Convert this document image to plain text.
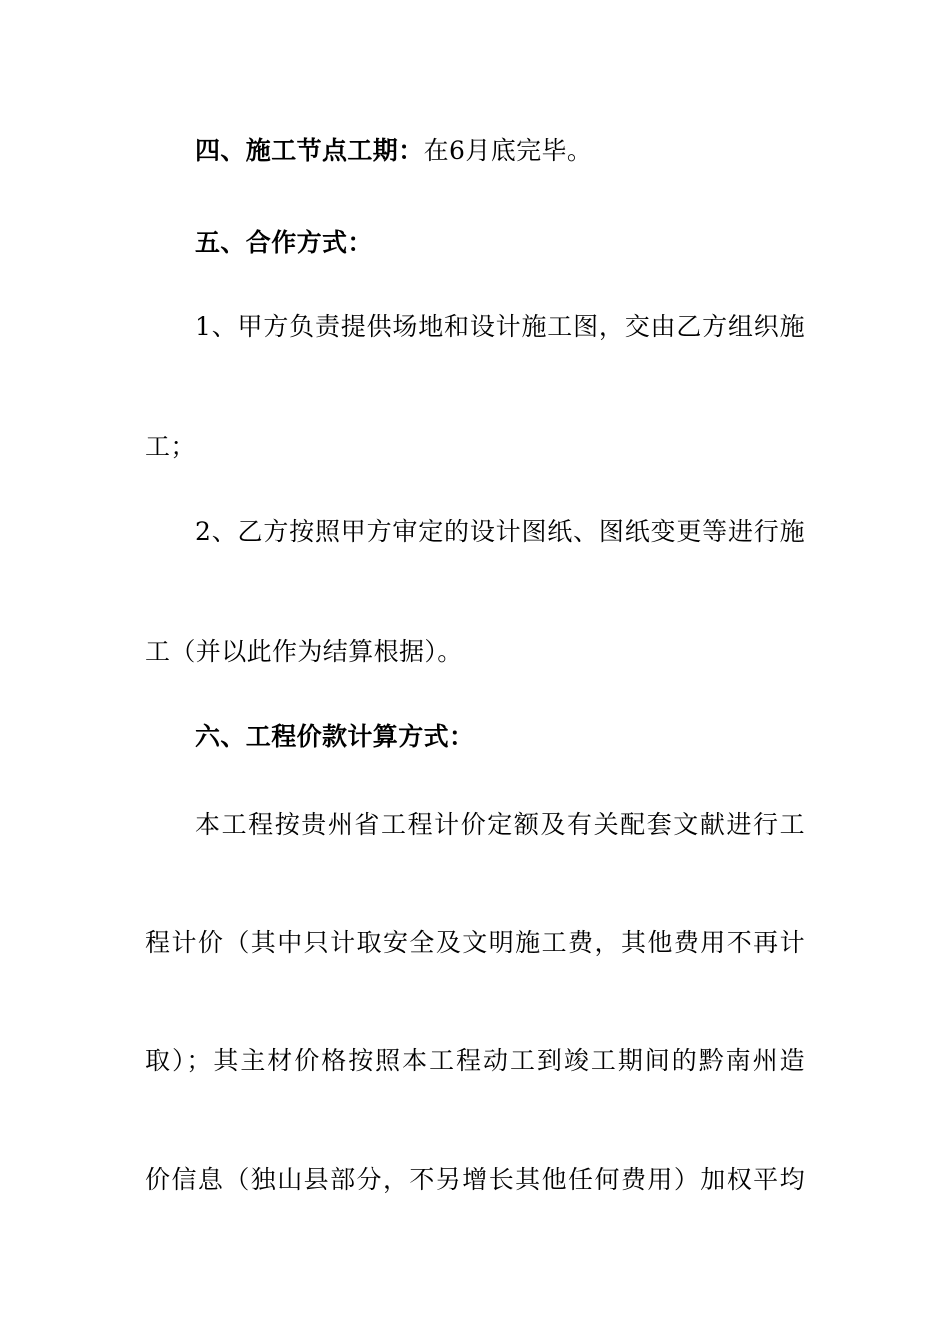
四、施工节点工期：在6月底完毕。
五、合作方式：
1、甲方负责提供场地和设计施工图，交由乙方组织施
工；
2、乙方按照甲方审定的设计图纸、图纸变更等进行施
工（并以此作为结算根据）。
六、工程价款计算方式：
本工程按贵州省工程计价定额及有关配套文献进行工
程计价（其中只计取安全及文明施工费，其他费用不再计
取）；其主材价格按照本工程动工到竣工期间的黔南州造
价信息（独山县部分，不另增长其他任何费用）加权平均
